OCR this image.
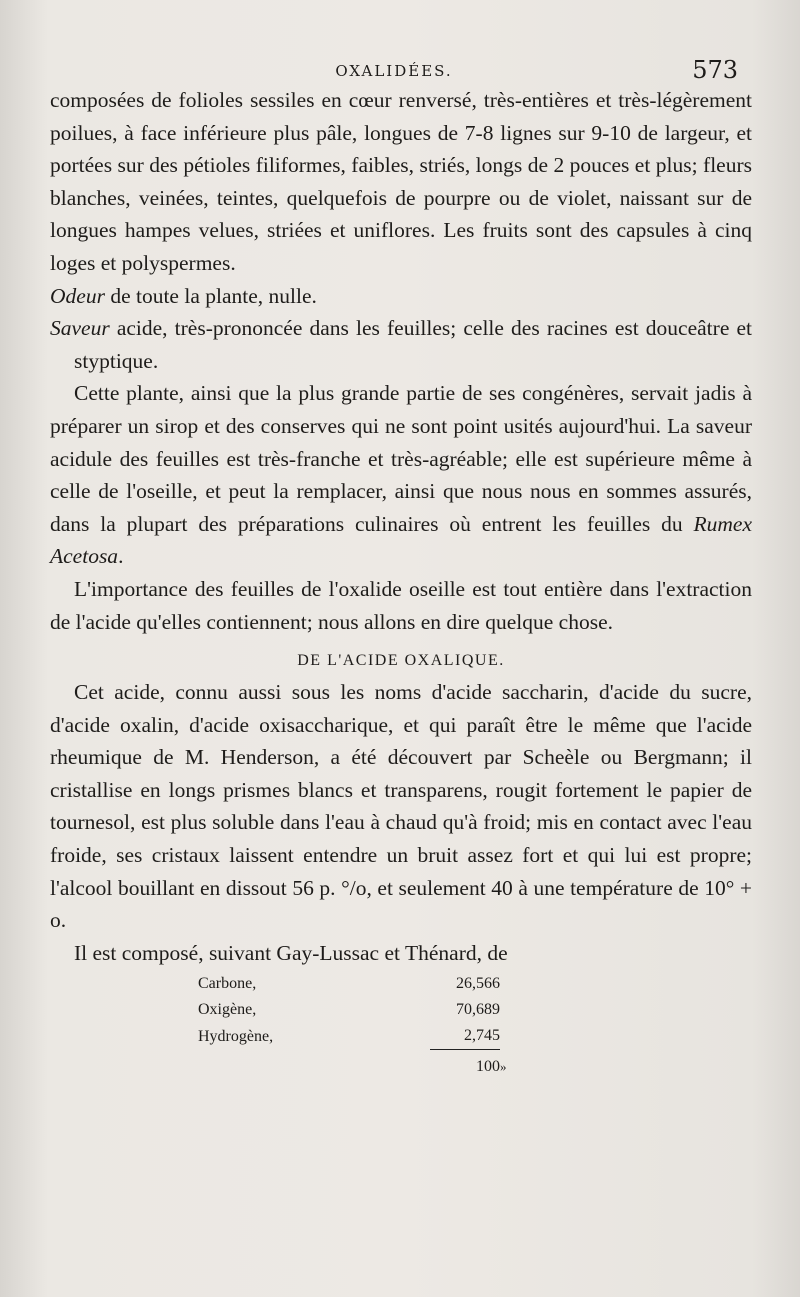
OXALIDÉES.	573

composées de folioles sessiles en cœur renversé, très-entières et très-légèrement poilues, à face inférieure plus pâle, longues de 7-8 lignes sur 9-10 de largeur, et portées sur des pétioles filiformes, faibles, striés, longs de 2 pouces et plus; fleurs blanches, veinées, teintes, quelquefois de pourpre ou de violet, naissant sur de longues hampes velues, striées et uniflores. Les fruits sont des capsules à cinq loges et polyspermes.

Odeur de toute la plante, nulle.

Saveur acide, très-prononcée dans les feuilles; celle des racines est douceâtre et styptique.

Cette plante, ainsi que la plus grande partie de ses congénères, servait jadis à préparer un sirop et des conserves qui ne sont point usités aujourd'hui. La saveur acidule des feuilles est très-franche et très-agréable; elle est supérieure même à celle de l'oseille, et peut la remplacer, ainsi que nous nous en sommes assurés, dans la plupart des préparations culinaires où entrent les feuilles du Rumex Acetosa.

L'importance des feuilles de l'oxalide oseille est tout entière dans l'extraction de l'acide qu'elles contiennent; nous allons en dire quelque chose.

DE L'ACIDE OXALIQUE.

Cet acide, connu aussi sous les noms d'acide saccharin, d'acide du sucre, d'acide oxalin, d'acide oxisaccharique, et qui paraît être le même que l'acide rheumique de M. Henderson, a été découvert par Scheèle ou Bergmann; il cristallise en longs prismes blancs et transparens, rougit fortement le papier de tournesol, est plus soluble dans l'eau à chaud qu'à froid; mis en contact avec l'eau froide, ses cristaux laissent entendre un bruit assez fort et qui lui est propre; l'alcool bouillant en dissout 56 p. °/o, et seulement 40 à une température de 10° + o.

Il est composé, suivant Gay-Lussac et Thénard, de

Carbone,	26,566	
Oxigène,	70,689	
Hydrogène,	2,745	
	100	»
